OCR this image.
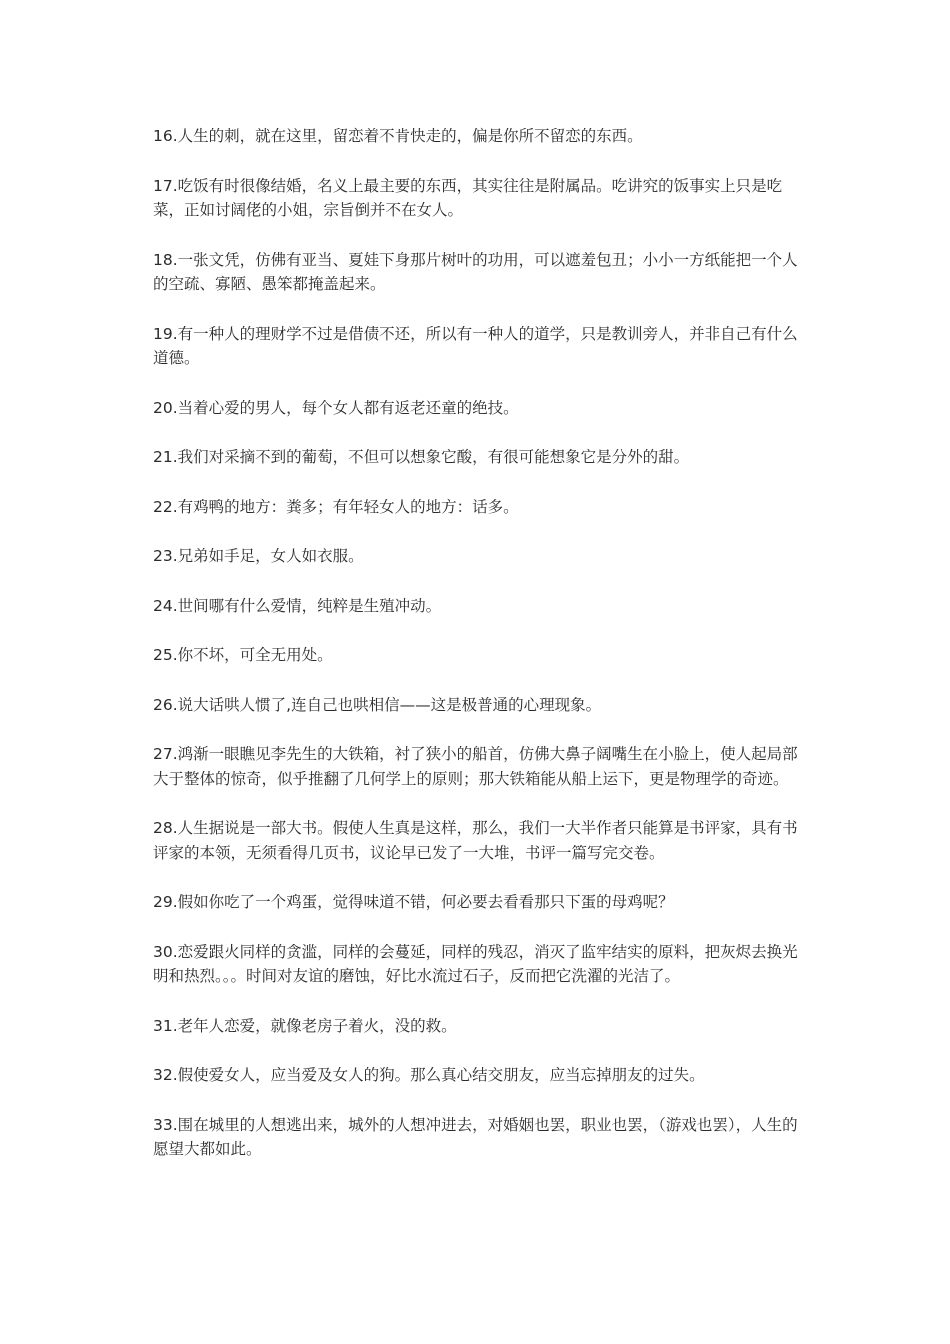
16.人生的刺，就在这里，留恋着不肯快走的，偏是你所不留恋的东西。

17.吃饭有时很像结婚，名义上最主要的东西，其实往往是附属品。吃讲究的饭事实上只是吃菜，正如讨阔佬的小姐，宗旨倒并不在女人。

18.一张文凭，仿佛有亚当、夏娃下身那片树叶的功用，可以遮羞包丑；小小一方纸能把一个人的空疏、寡陋、愚笨都掩盖起来。

19.有一种人的理财学不过是借债不还，所以有一种人的道学，只是教训旁人，并非自己有什么道德。

20.当着心爱的男人，每个女人都有返老还童的绝技。

21.我们对采摘不到的葡萄，不但可以想象它酸，有很可能想象它是分外的甜。

22.有鸡鸭的地方：粪多；有年轻女人的地方：话多。

23.兄弟如手足，女人如衣服。

24.世间哪有什么爱情，纯粹是生殖冲动。

25.你不坏，可全无用处。

26.说大话哄人惯了,连自己也哄相信——这是极普通的心理现象。

27.鸿渐一眼瞧见李先生的大铁箱，衬了狭小的船首，仿佛大鼻子阔嘴生在小脸上，使人起局部大于整体的惊奇，似乎推翻了几何学上的原则；那大铁箱能从船上运下，更是物理学的奇迹。

28.人生据说是一部大书。假使人生真是这样，那么，我们一大半作者只能算是书评家，具有书评家的本领，无须看得几页书，议论早已发了一大堆，书评一篇写完交卷。

29.假如你吃了一个鸡蛋，觉得味道不错，何必要去看看那只下蛋的母鸡呢？

30.恋爱跟火同样的贪滥，同样的会蔓延，同样的残忍，消灭了监牢结实的原料，把灰烬去换光明和热烈。。。时间对友谊的磨蚀，好比水流过石子，反而把它洗濯的光洁了。

31.老年人恋爱，就像老房子着火，没的救。

32.假使爱女人，应当爱及女人的狗。那么真心结交朋友，应当忘掉朋友的过失。

33.围在城里的人想逃出来，城外的人想冲进去，对婚姻也罢，职业也罢，（游戏也罢），人生的愿望大都如此。
